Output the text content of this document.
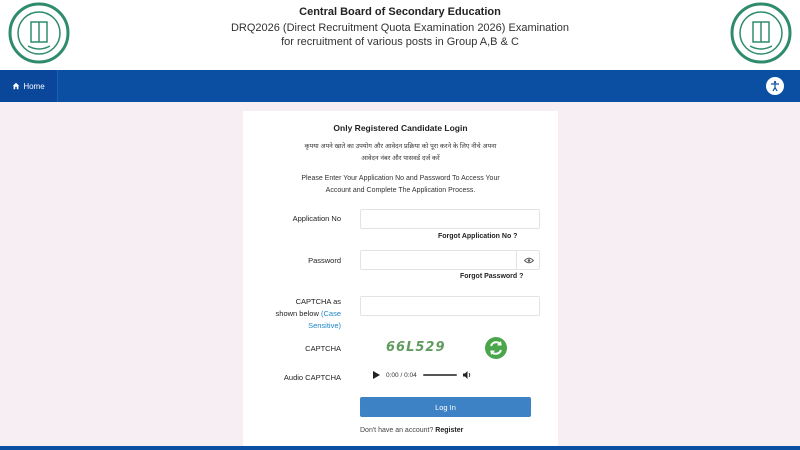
Central Board of Secondary Education
DRQ2026 (Direct Recruitment Quota Examination 2026) Examination
for recruitment of various posts in Group A,B & C
Home
Only Registered Candidate Login
कृपया अपने खाते का उपयोग और आवेदन प्रक्रिया को पूरा करने के लिए नीचे अपना
आवेदन नंबर और पासवर्ड दर्ज करें
Please Enter Your Application No and Password To Access Your
Account and Complete The Application Process.
Application No
Forgot Application No ?
Password
Forgot Password ?
CAPTCHA as
shown below (Case
Sensitive)
CAPTCHA	66L529
Audio CAPTCHA	0:00 / 0:04
Log In
Don't have an account? Register
